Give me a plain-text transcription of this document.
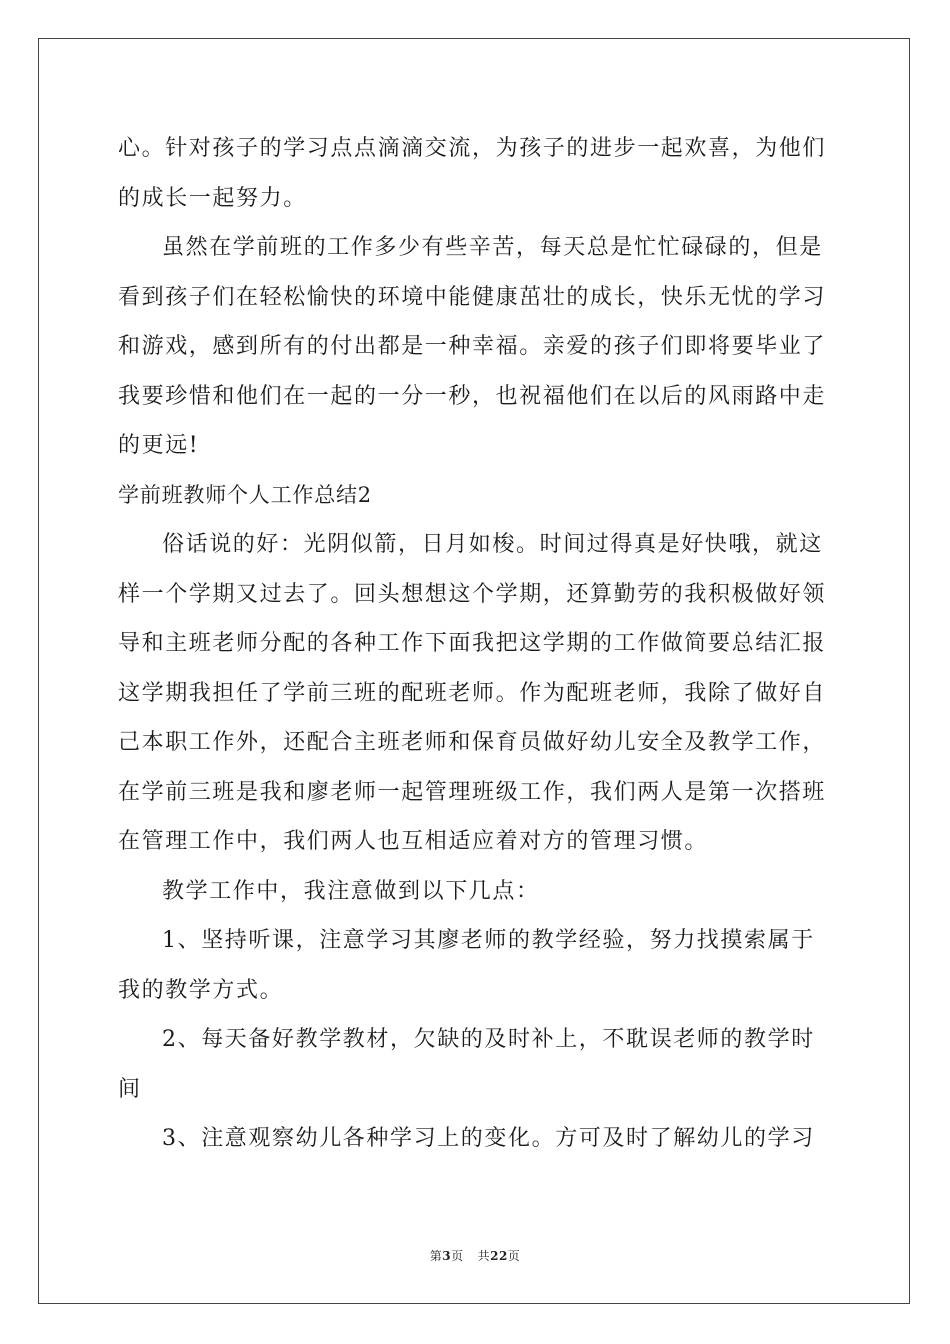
心。针对孩子的学习点点滴滴交流，为孩子的进步一起欢喜，为他们
的成长一起努力。
虽然在学前班的工作多少有些辛苦，每天总是忙忙碌碌的，但是
看到孩子们在轻松愉快的环境中能健康茁壮的成长，快乐无忧的学习
和游戏，感到所有的付出都是一种幸福。亲爱的孩子们即将要毕业了
我要珍惜和他们在一起的一分一秒，也祝福他们在以后的风雨路中走
的更远!
学前班教师个人工作总结2
俗话说的好：光阴似箭，日月如梭。时间过得真是好快哦，就这
样一个学期又过去了。回头想想这个学期，还算勤劳的我积极做好领
导和主班老师分配的各种工作下面我把这学期的工作做简要总结汇报
这学期我担任了学前三班的配班老师。作为配班老师，我除了做好自
己本职工作外，还配合主班老师和保育员做好幼儿安全及教学工作，
在学前三班是我和廖老师一起管理班级工作，我们两人是第一次搭班
在管理工作中，我们两人也互相适应着对方的管理习惯。
教学工作中，我注意做到以下几点：
1、坚持听课，注意学习其廖老师的教学经验，努力找摸索属于
我的教学方式。
2、每天备好教学教材，欠缺的及时补上，不耽误老师的教学时
间
3、注意观察幼儿各种学习上的变化。方可及时了解幼儿的学习
第3页 共22页
